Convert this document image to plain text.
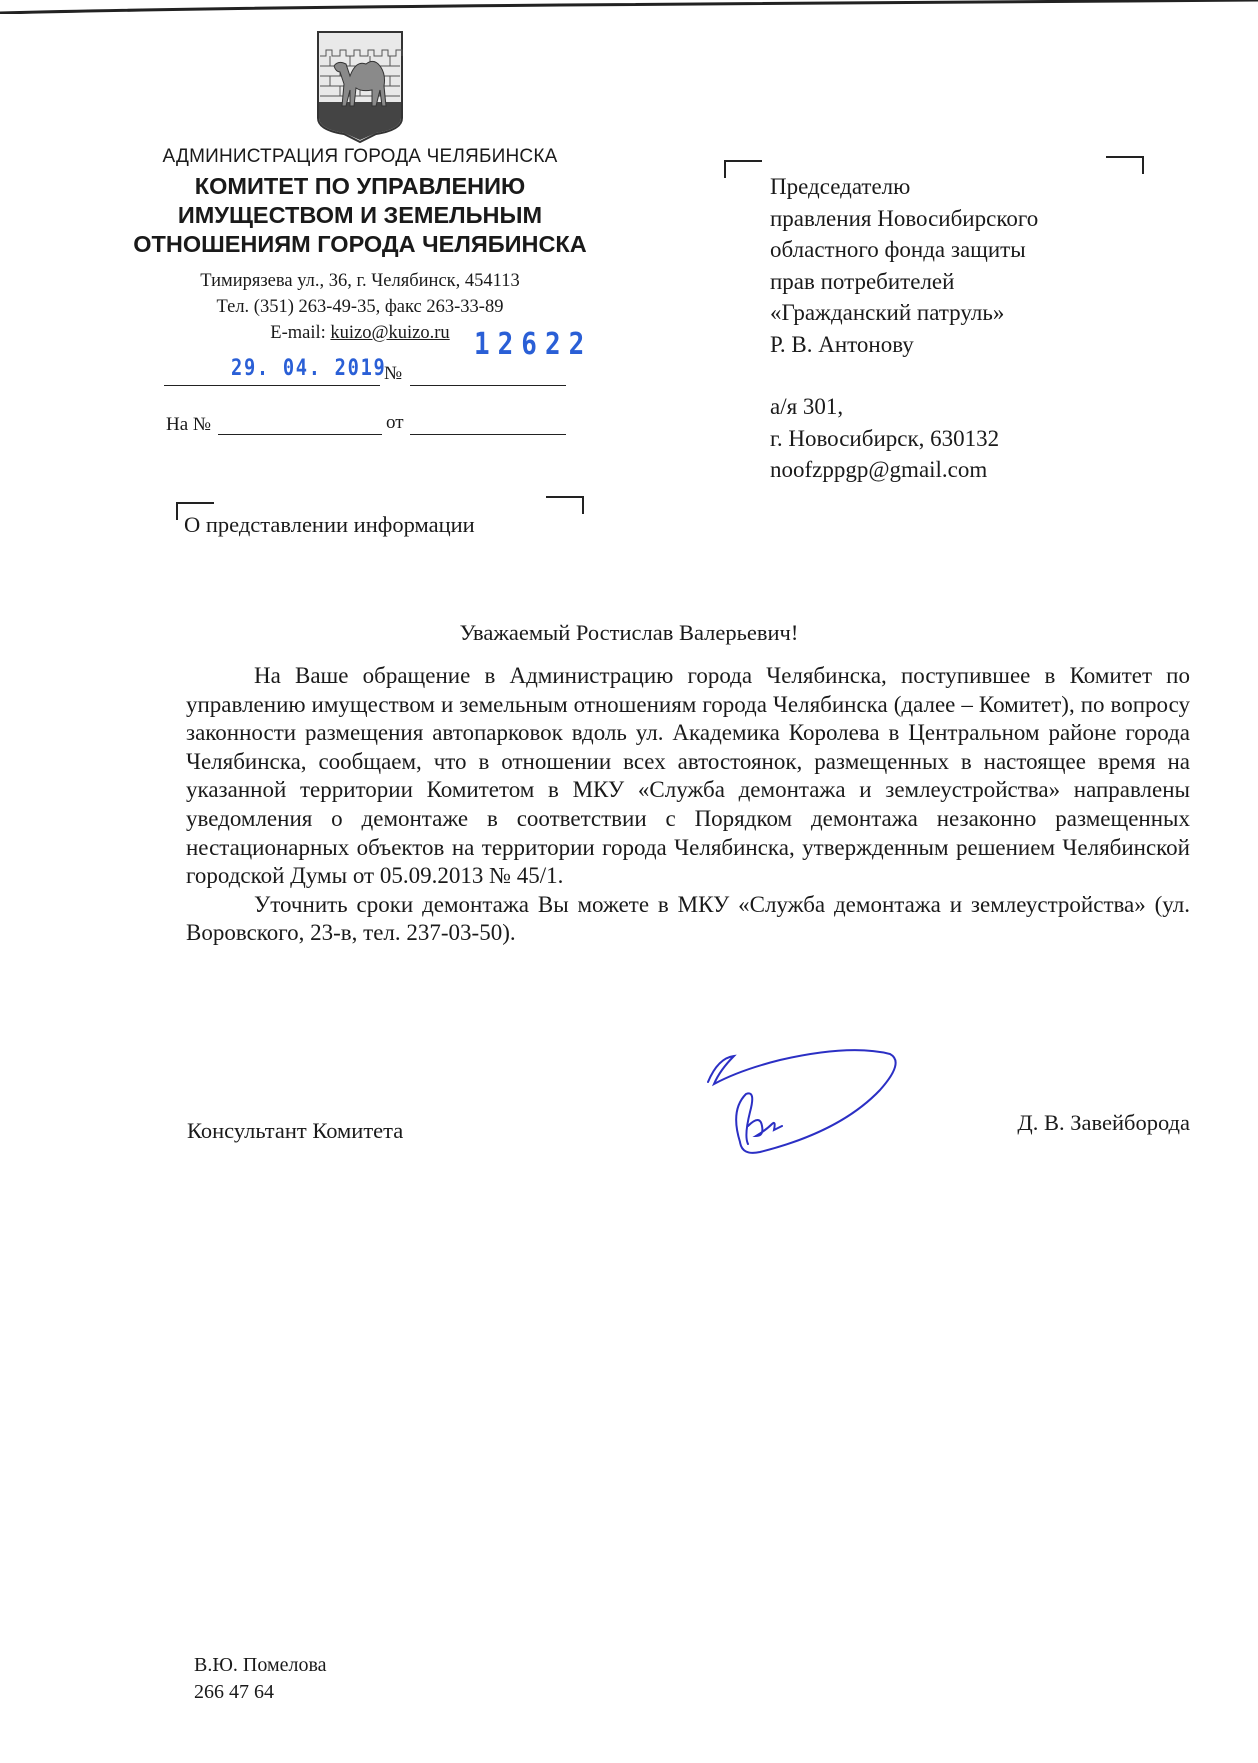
АДМИНИСТРАЦИЯ ГОРОДА ЧЕЛЯБИНСКА
КОМИТЕТ ПО УПРАВЛЕНИЮ
ИМУЩЕСТВОМ И ЗЕМЕЛЬНЫМ
ОТНОШЕНИЯМ ГОРОДА ЧЕЛЯБИНСКА
Тимирязева ул., 36, г. Челябинск, 454113
Тел. (351) 263-49-35, факс 263-33-89
E-mail: kuizo@kuizo.ru 12622
29. 04. 2019
№
На №	от
Председателю
правления Новосибирского
областного фонда защиты
прав потребителей
«Гражданский патруль»
Р. В. Антонову
а/я 301,
г. Новосибирск, 630132
noofzppgp@gmail.com
О представлении информации
Уважаемый Ростислав Валерьевич!

На Ваше обращение в Администрацию города Челябинска, поступившее в Комитет по управлению имуществом и земельным отношениям города Челябинска (далее – Комитет), по вопросу законности размещения автопарковок вдоль ул. Академика Королева в Центральном районе города Челябинска, сообщаем, что в отношении всех автостоянок, размещенных в настоящее время на указанной территории Комитетом в МКУ «Служба демонтажа и землеустройства» направлены уведомления о демонтаже в соответствии с Порядком демонтажа незаконно размещенных нестационарных объектов на территории города Челябинска, утвержденным решением Челябинской городской Думы от 05.09.2013 № 45/1.

Уточнить сроки демонтажа Вы можете в МКУ «Служба демонтажа и землеустройства» (ул. Воровского, 23-в, тел. 237-03-50).

Консультант Комитета	Д. В. Завейборода
В.Ю. Помелова
266 47 64
